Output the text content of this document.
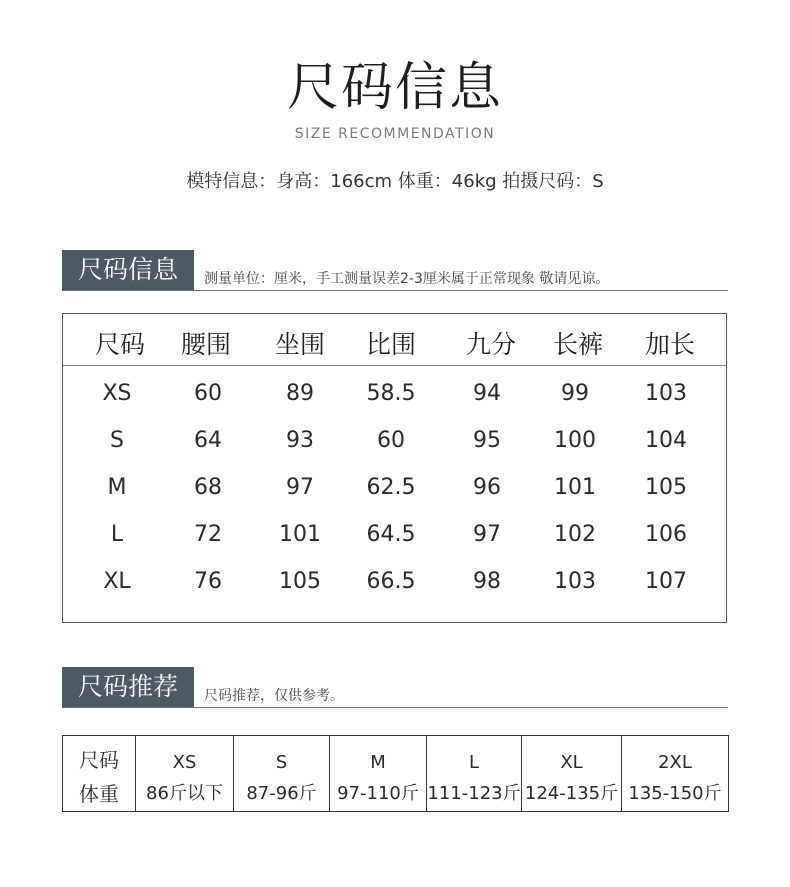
尺码信息
SIZE RECOMMENDATION
模特信息：身高：166cm 体重：46kg 拍摄尺码：S
尺码信息	测量单位：厘米，手工测量误差2-3厘米属于正常现象 敬请见谅。
尺码	腰围	坐围	比围	九分	长裤	加长
XS	60	89	58.5	94	99	103
S	64	93	60	95	100	104
M	68	97	62.5	96	101	105
L	72	101	64.5	97	102	106
XL	76	105	66.5	98	103	107
尺码推荐	尺码推荐，仅供参考。
尺码	XS	S	M	L	XL	2XL
体重	86斤以下	87-96斤	97-110斤	111-123斤	124-135斤	135-150斤
